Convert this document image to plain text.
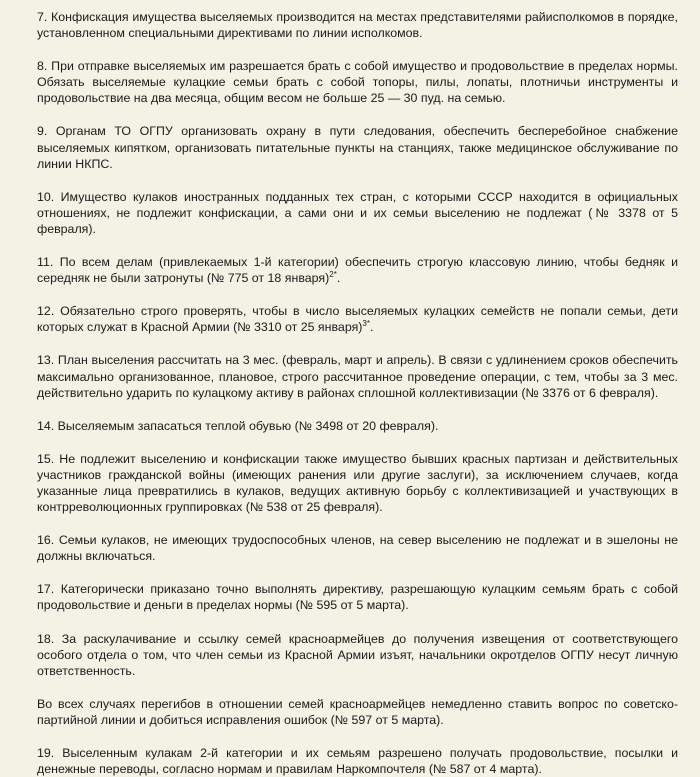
7. Конфискация имущества выселяемых производится на местах представителями райисполкомов в порядке, установленном специальными директивами по линии исполкомов.

8. При отправке выселяемых им разрешается брать с собой имущество и продовольствие в пределах нормы. Обязать выселяемые кулацкие семьи брать с собой топоры, пилы, лопаты, плотничьи инструменты и продовольствие на два месяца, общим весом не больше 25 — 30 пуд. на семью.

9. Органам ТО ОГПУ организовать охрану в пути следования, обеспечить бесперебойное снабжение выселяемых кипятком, организовать питательные пункты на станциях, также медицинское обслуживание по линии НКПС.

10. Имущество кулаков иностранных подданных тех стран, с которыми СССР находится в официальных отношениях, не подлежит конфискации, а сами они и их семьи выселению не подлежат (№ 3378 от 5 февраля).

11. По всем делам (привлекаемых 1-й категории) обеспечить строгую классовую линию, чтобы бедняк и середняк не были затронуты (№ 775 от 18 января)$^{2*}$.

12. Обязательно строго проверять, чтобы в число выселяемых кулацких семейств не попали семьи, дети которых служат в Красной Армии (№ 3310 от 25 января)$^{3*}$.

13. План выселения рассчитать на 3 мес. (февраль, март и апрель). В связи с удлинением сроков обеспечить максимально организованное, плановое, строго рассчитанное проведение операции, с тем, чтобы за 3 мес. действительно ударить по кулацкому активу в районах сплошной коллективизации (№ 3376 от 6 февраля).

14. Выселяемым запасаться теплой обувью (№ 3498 от 20 февраля).

15. Не подлежит выселению и конфискации также имущество бывших красных партизан и действительных участников гражданской войны (имеющих ранения или другие заслуги), за исключением случаев, когда указанные лица превратились в кулаков, ведущих активную борьбу с коллективизацией и участвующих в контрреволюционных группировках (№ 538 от 25 февраля).

16. Семьи кулаков, не имеющих трудоспособных членов, на север выселению не подлежат и в эшелоны не должны включаться.

17. Категорически приказано точно выполнять директиву, разрешающую кулацким семьям брать с собой продовольствие и деньги в пределах нормы (№ 595 от 5 марта).

18. За раскулачивание и ссылку семей красноармейцев до получения извещения от соответствующего особого отдела о том, что член семьи из Красной Армии изъят, начальники окротделов ОГПУ несут личную ответственность.

Во всех случаях перегибов в отношении семей красноармейцев немедленно ставить вопрос по советско-партийной линии и добиться исправления ошибок (№ 597 от 5 марта).

19. Выселенным кулакам 2-й категории и их семьям разрешено получать продовольствие, посылки и денежные переводы, согласно нормам и правилам Наркомпочтеля (№ 587 от 4 марта).
